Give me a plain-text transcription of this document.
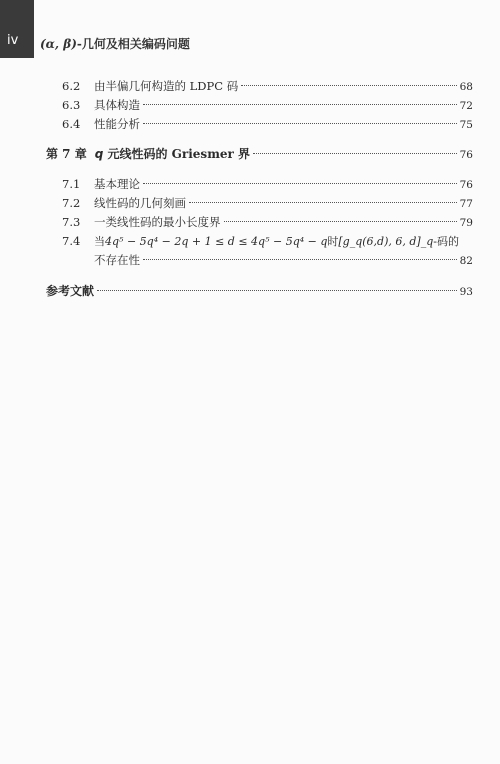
iv (α, β)-几何及相关编码问题
6.2	由半偏几何构造的 LDPC 码	68
6.3	具体构造	72
6.4	性能分析	75
第 7 章 q 元线性码的 Griesmer 界	76
7.1	基本理论	76
7.2	线性码的几何刻画	77
7.3	一类线性码的最小长度界	79
7.4	当4q⁵ − 5q⁴ − 2q + 1 ≤ d ≤ 4q⁵ − 5q⁴ − q时[g_q(6,d), 6, d]_q-码的
不存在性	82
参考文献	93
